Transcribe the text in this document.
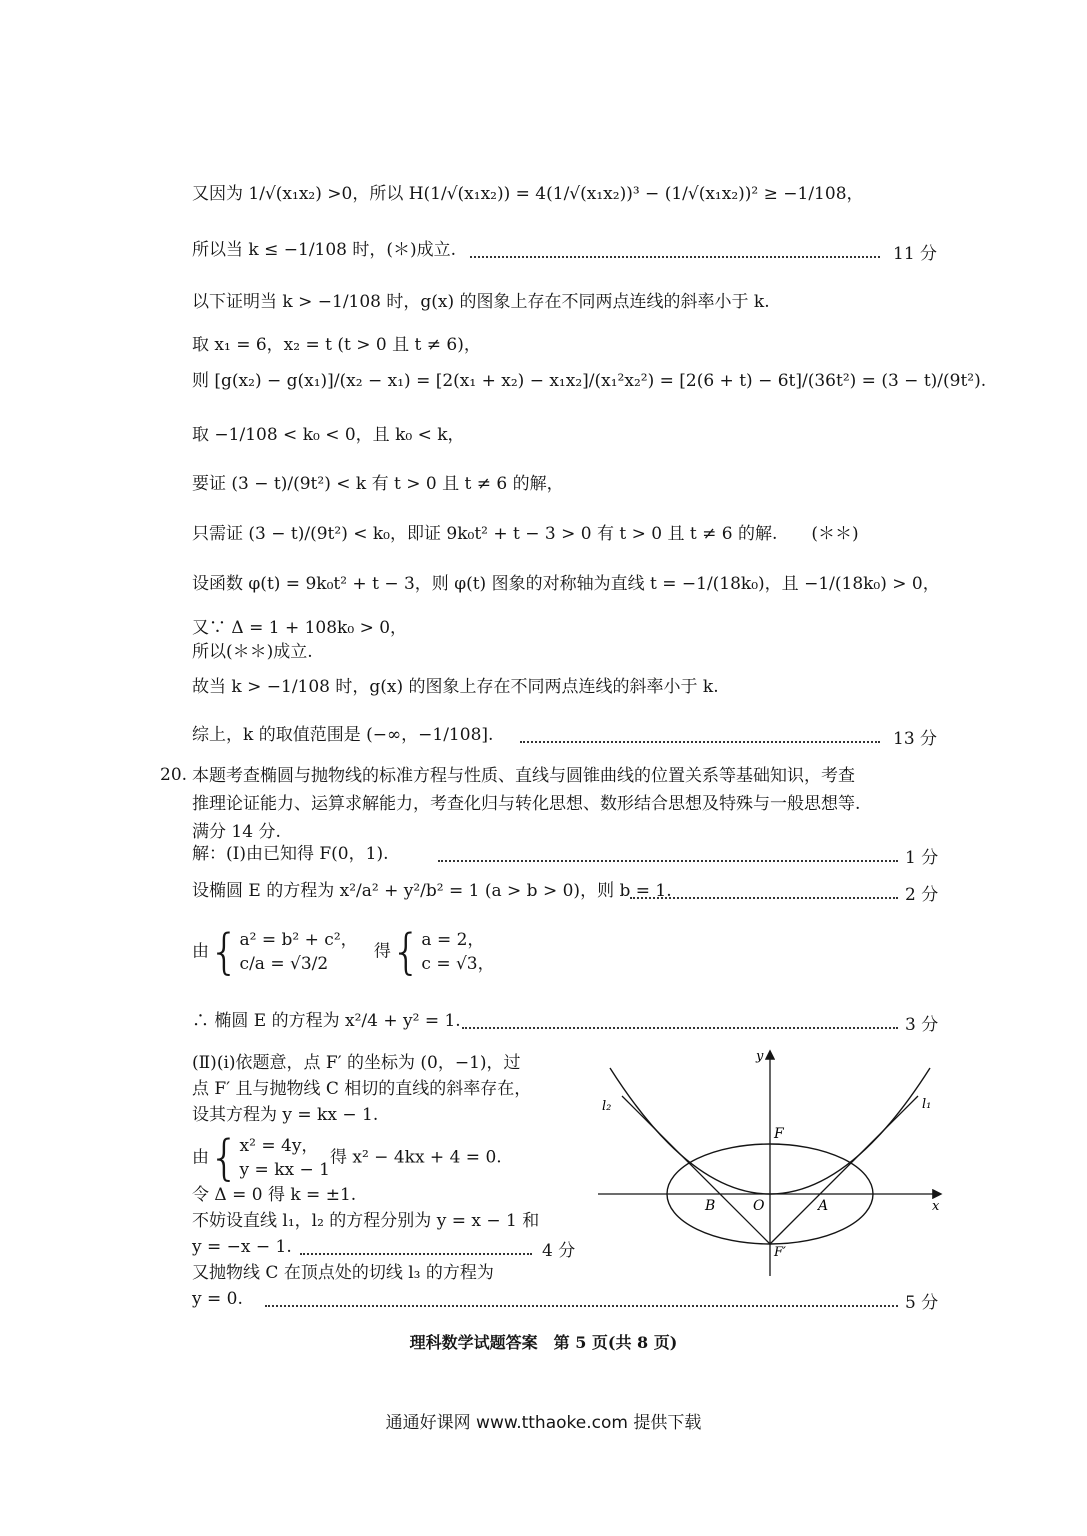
又因为 1/√(x₁x₂) >0，所以 H(1/√(x₁x₂)) = 4(1/√(x₁x₂))³ − (1/√(x₁x₂))² ≥ −1/108，
所以当 k ≤ −1/108 时，(＊)成立.	11 分
以下证明当 k > −1/108 时，g(x) 的图象上存在不同两点连线的斜率小于 k.
取 x₁ = 6，x₂ = t (t > 0 且 t ≠ 6)，
则 [g(x₂) − g(x₁)]/(x₂ − x₁) = [2(x₁ + x₂) − x₁x₂]/(x₁²x₂²) = [2(6 + t) − 6t]/(36t²) = (3 − t)/(9t²).
取 −1/108 < k₀ < 0，且 k₀ < k，
要证 (3 − t)/(9t²) < k 有 t > 0 且 t ≠ 6 的解，
只需证 (3 − t)/(9t²) < k₀，即证 9k₀t² + t − 3 > 0 有 t > 0 且 t ≠ 6 的解.　　(＊＊)
设函数 φ(t) = 9k₀t² + t − 3，则 φ(t) 图象的对称轴为直线 t = −1/(18k₀)，且 −1/(18k₀) > 0，
又∵ Δ = 1 + 108k₀ > 0，
所以(＊＊)成立.
故当 k > −1/108 时，g(x) 的图象上存在不同两点连线的斜率小于 k.
综上，k 的取值范围是 (−∞，−1/108].	13 分
20. 本题考查椭圆与抛物线的标准方程与性质、直线与圆锥曲线的位置关系等基础知识，考查
推理论证能力、运算求解能力，考查化归与转化思想、数形结合思想及特殊与一般思想等.
满分 14 分.
解：(Ⅰ)由已知得 F(0，1).	1 分
设椭圆 E 的方程为 x²/a² + y²/b² = 1 (a > b > 0)，则 b = 1.	2 分
由{ a² = b² + c²，
c/a = √3/2
得{ a = 2，
c = √3，
∴ 椭圆 E 的方程为 x²/4 + y² = 1.	3 分
(Ⅱ)(ⅰ)依题意，点 F′ 的坐标为 (0，−1)，过
点 F′ 且与抛物线 C 相切的直线的斜率存在，
设其方程为 y = kx − 1.
由{ x² = 4y，
y = kx − 1
得 x² − 4kx + 4 = 0.
令 Δ = 0 得 k = ±1.
不妨设直线 l₁，l₂ 的方程分别为 y = x − 1 和
y = −x − 1.	4 分
又抛物线 C 在顶点处的切线 l₃ 的方程为
y = 0.	5 分
y
x
F
F′
O	A
B
l₁
l₂
理科数学试题答案　第 5 页(共 8 页)
通通好课网 www.tthaoke.com 提供下载
